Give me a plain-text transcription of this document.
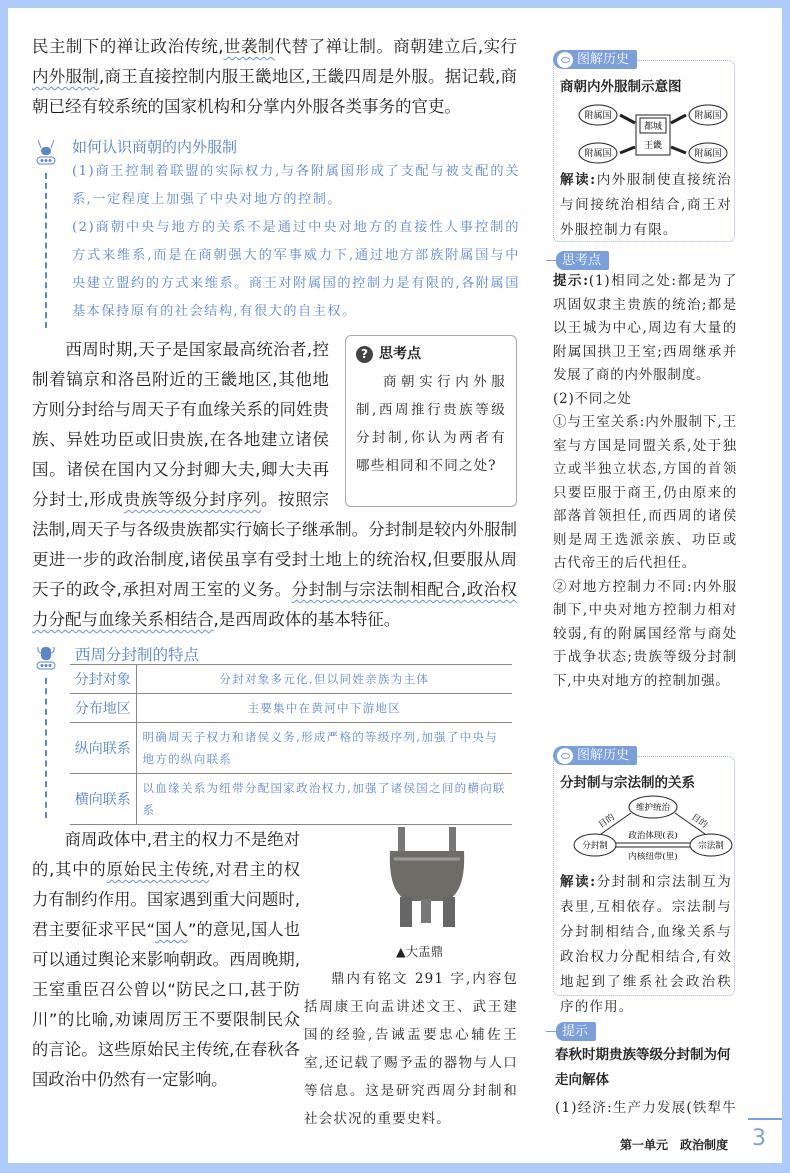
民主制下的禅让政治传统,世袭制代替了禅让制。商朝建立后,实行内外服制,商王直接控制内服王畿地区,王畿四周是外服。据记载,商朝已经有较系统的国家机构和分掌内外服各类事务的官吏。

如何认识商朝的内外服制

(1)商王控制着联盟的实际权力,与各附属国形成了支配与被支配的关系,一定程度上加强了中央对地方的控制。

(2)商朝中央与地方的关系不是通过中央对地方的直接性人事控制的方式来维系,而是在商朝强大的军事威力下,通过地方部族附属国与中央建立盟约的方式来维系。商王对附属国的控制力是有限的,各附属国基本保持原有的社会结构,有很大的自主权。

? 思考点

商朝实行内外服制,西周推行贵族等级分封制,你认为两者有哪些相同和不同之处?

西周时期,天子是国家最高统治者,控制着镐京和洛邑附近的王畿地区,其他地方则分封给与周天子有血缘关系的同姓贵族、异姓功臣或旧贵族,在各地建立诸侯国。诸侯在国内又分封卿大夫,卿大夫再分封士,形成贵族等级分封序列。按照宗法制,周天子与各级贵族都实行嫡长子继承制。分封制是较内外服制更进一步的政治制度,诸侯虽享有受封土地上的统治权,但要服从周天子的政令,承担对周王室的义务。分封制与宗法制相配合,政治权力分配与血缘关系相结合,是西周政体的基本特征。
西周分封制的特点
分封对象	分封对象多元化,但以同姓亲族为主体
分布地区	主要集中在黄河中下游地区
纵向联系	明确周天子权力和诸侯义务,形成严格的等级序列,加强了中央与地方的纵向联系
横向联系	以血缘关系为纽带分配国家政治权力,加强了诸侯国之间的横向联系

商周政体中,君主的权力不是绝对的,其中的原始民主传统,对君主的权力有制约作用。国家遇到重大问题时,君主要征求平民“国人”的意见,国人也可以通过舆论来影响朝政。西周晚期,王室重臣召公曾以“防民之口,甚于防川”的比喻,劝谏周厉王不要限制民众的言论。这些原始民主传统,在春秋各国政治中仍然有一定影响。

▲大盂鼎

鼎内有铭文 291 字,内容包括周康王向盂讲述文王、武王建国的经验,告诫盂要忠心辅佐王室,还记载了赐予盂的器物与人口等信息。这是研究西周分封制和社会状况的重要史料。

图解历史
商朝内外服制示意图
附属国	附属国
附属国	附属国
都城
王畿

解读:内外服制使直接统治与间接统治相结合,商王对外服控制力有限。

思考点

提示:(1)相同之处:都是为了巩固奴隶主贵族的统治;都是以王城为中心,周边有大量的附属国拱卫王室;西周继承并发展了商的内外服制度。

(2)不同之处

①与王室关系:内外服制下,王室与方国是同盟关系,处于独立或半独立状态,方国的首领只要臣服于商王,仍由原来的部落首领担任,而西周的诸侯则是周王选派亲族、功臣或古代帝王的后代担任。

②对地方控制力不同:内外服制下,中央对地方控制力相对较弱,有的附属国经常与商处于战争状态;贵族等级分封制下,中央对地方的控制加强。

图解历史
分封制与宗法制的关系
维护统治
分封制	宗法制
目的	目的
政治体现(表)
内核纽带(里)

解读:分封制和宗法制互为表里,互相依存。宗法制与分封制相结合,血缘关系与政治权力分配相结合,有效地起到了维系社会政治秩序的作用。

提示

春秋时期贵族等级分封制为何走向解体

(1)经济:生产力发展(铁犁牛

第一单元　政治制度 3
